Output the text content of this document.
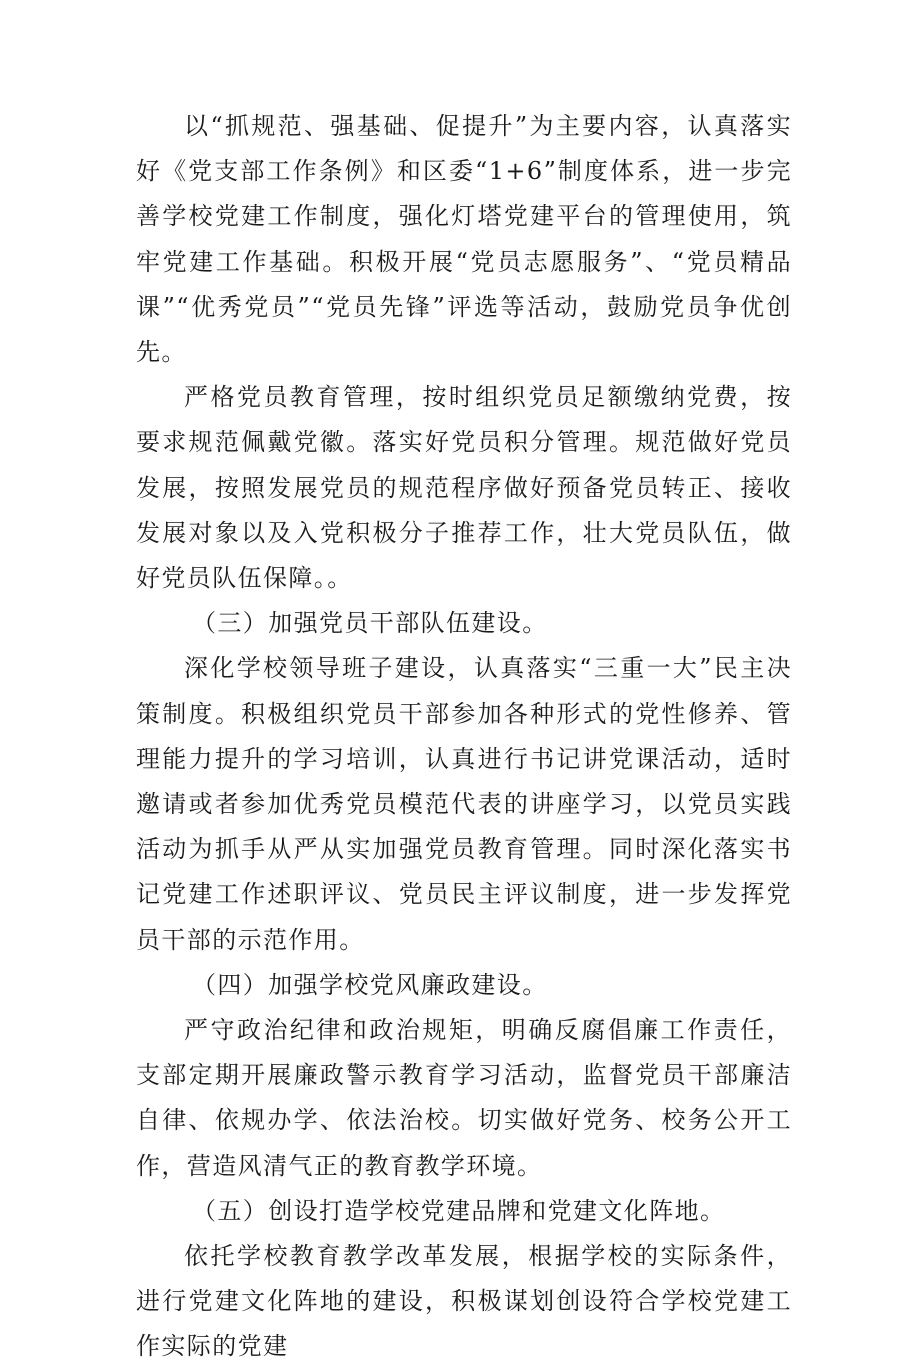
以“抓规范、强基础、促提升”为主要内容，认真落实好《党支部工作条例》和区委“1+6”制度体系，进一步完善学校党建工作制度，强化灯塔党建平台的管理使用，筑牢党建工作基础。积极开展“党员志愿服务”、“党员精品课”“优秀党员”“党员先锋”评选等活动，鼓励党员争优创先。

严格党员教育管理，按时组织党员足额缴纳党费，按要求规范佩戴党徽。落实好党员积分管理。规范做好党员发展，按照发展党员的规范程序做好预备党员转正、接收发展对象以及入党积极分子推荐工作，壮大党员队伍，做好党员队伍保障。。

（三）加强党员干部队伍建设。

深化学校领导班子建设，认真落实“三重一大”民主决策制度。积极组织党员干部参加各种形式的党性修养、管理能力提升的学习培训，认真进行书记讲党课活动，适时邀请或者参加优秀党员模范代表的讲座学习，以党员实践活动为抓手从严从实加强党员教育管理。同时深化落实书记党建工作述职评议、党员民主评议制度，进一步发挥党员干部的示范作用。

（四）加强学校党风廉政建设。

严守政治纪律和政治规矩，明确反腐倡廉工作责任，支部定期开展廉政警示教育学习活动，监督党员干部廉洁自律、依规办学、依法治校。切实做好党务、校务公开工作，营造风清气正的教育教学环境。

（五）创设打造学校党建品牌和党建文化阵地。

依托学校教育教学改革发展，根据学校的实际条件，进行党建文化阵地的建设，积极谋划创设符合学校党建工作实际的党建
